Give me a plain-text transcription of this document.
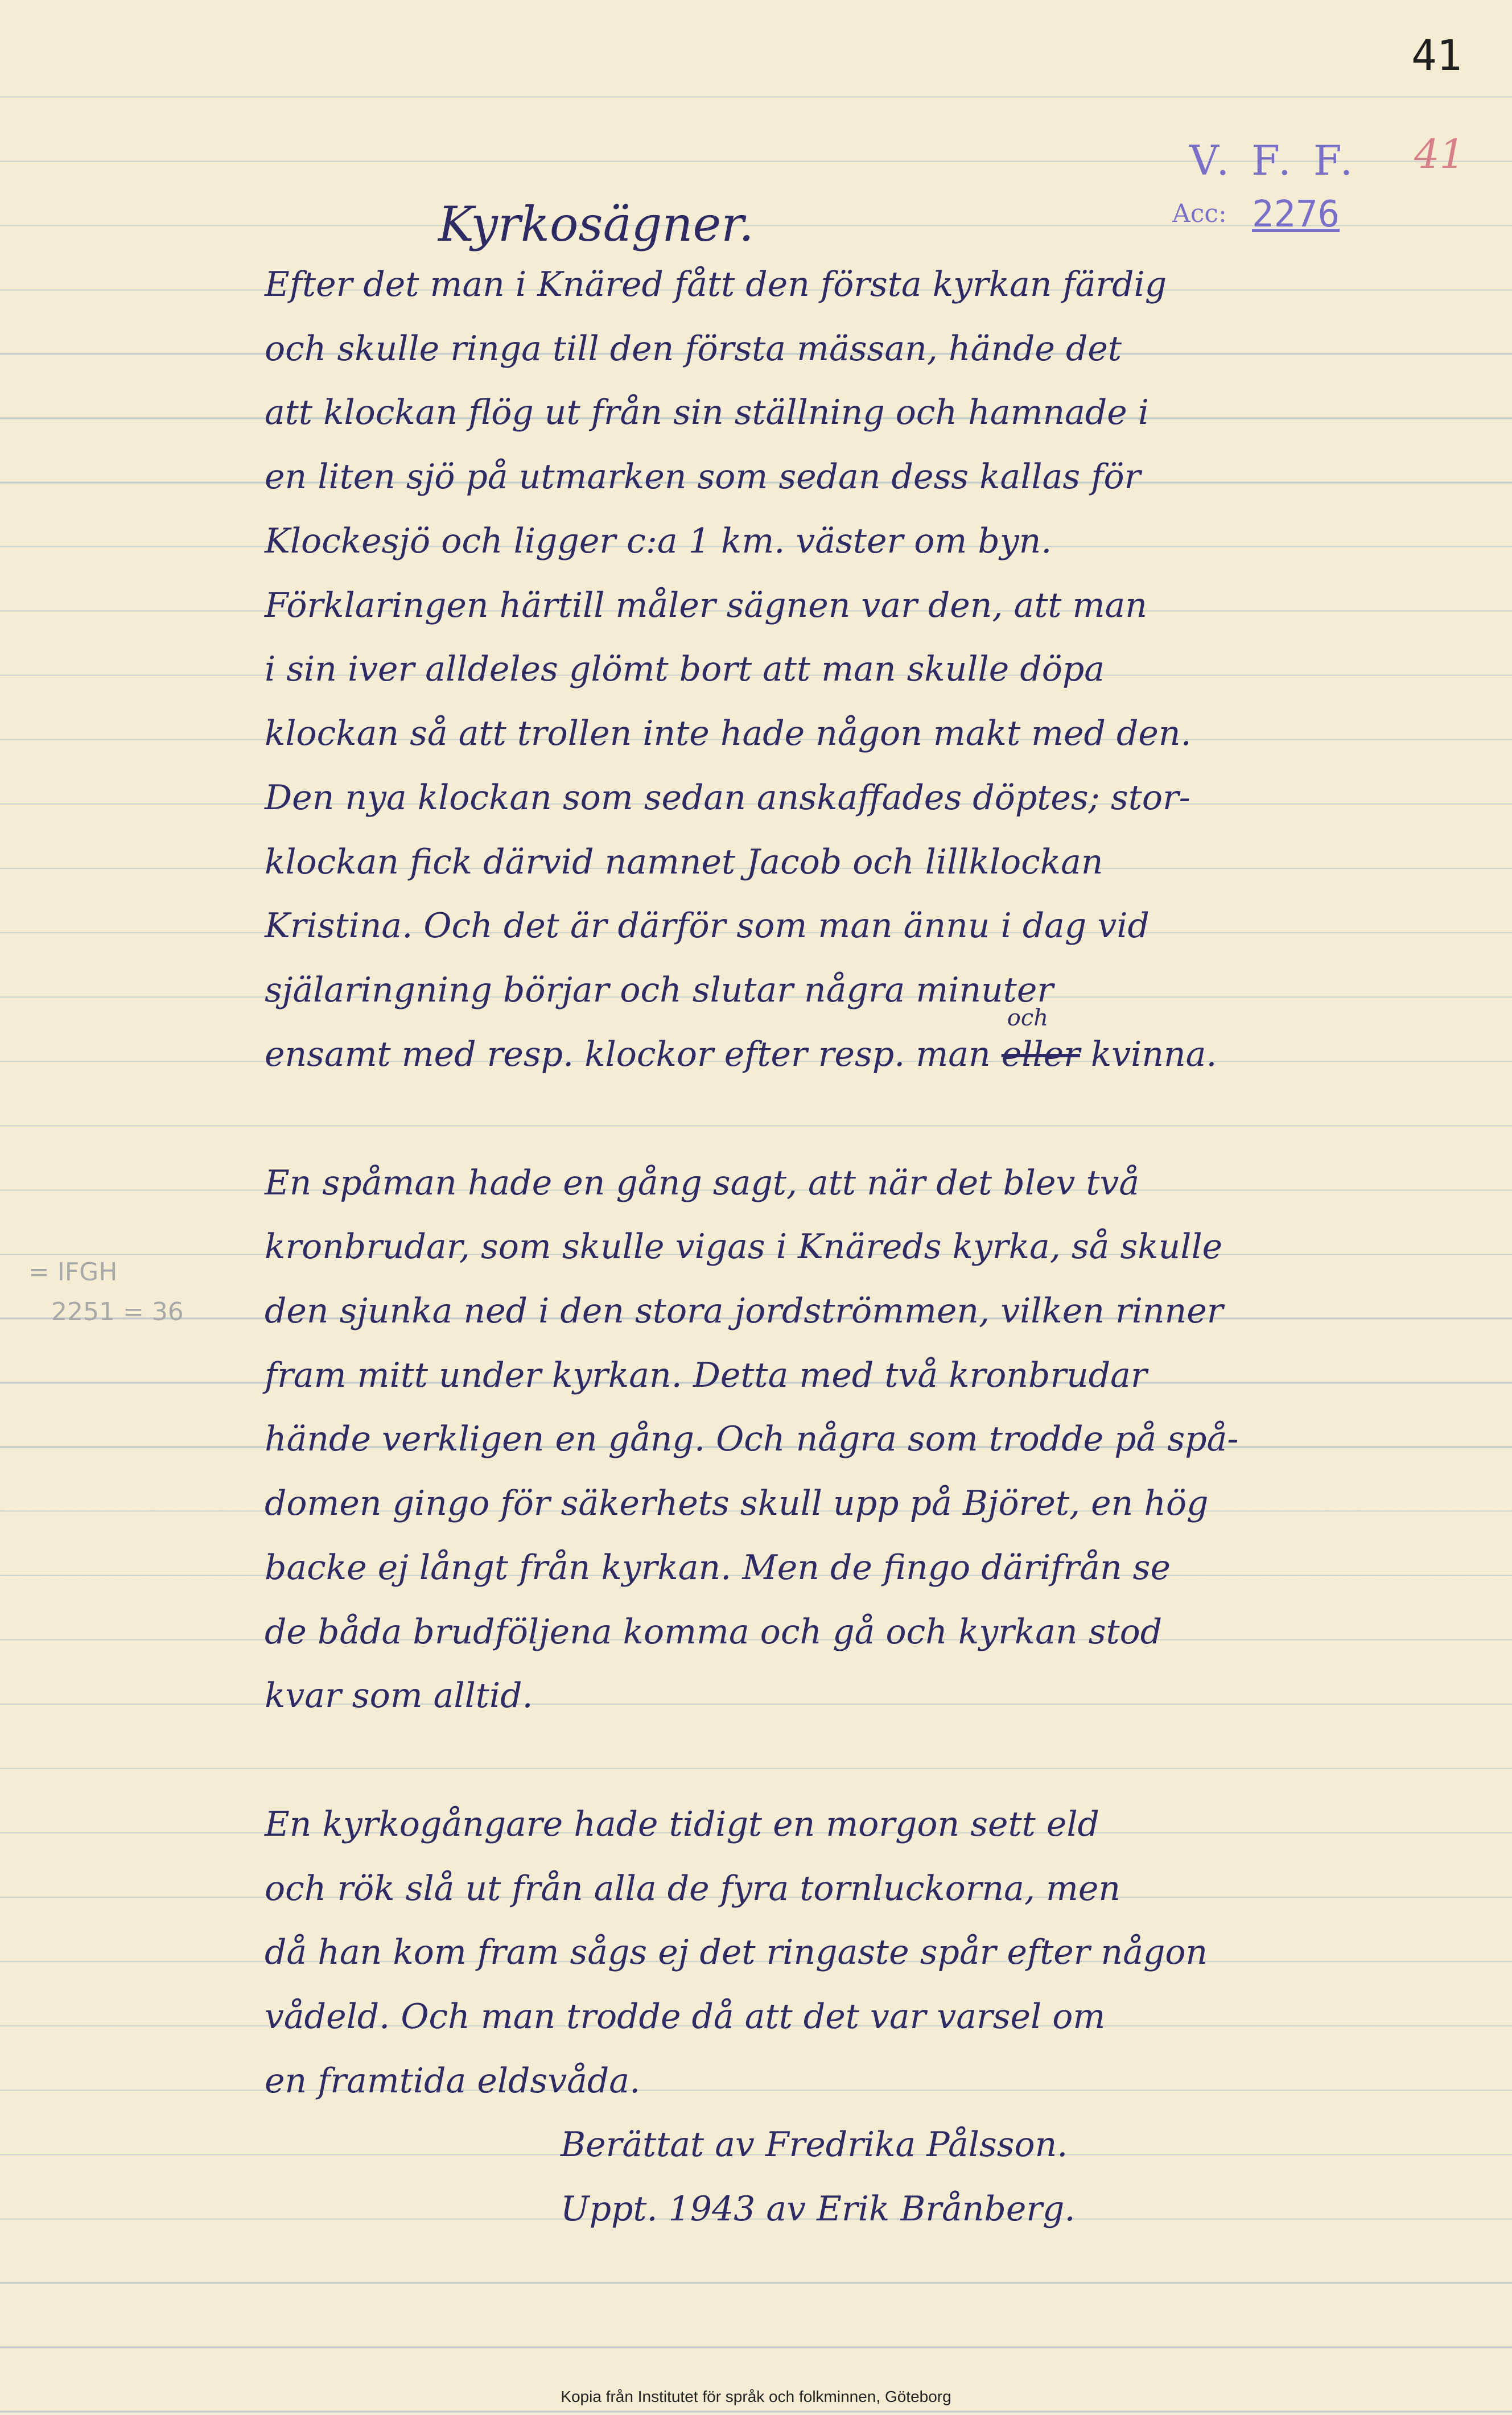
41
V. F. F.
Acc: 2276
41
= IFGH
2251 = 36
Kyrkosägner.
Efter det man i Knäred fått den första kyrkan färdig
och skulle ringa till den första mässan, hände det
att klockan flög ut från sin ställning och hamnade i
en liten sjö på utmarken som sedan dess kallas för
Klockesjö och ligger c:a 1 km. väster om byn.
Förklaringen härtill måler sägnen var den, att man
i sin iver alldeles glömt bort att man skulle döpa
klockan så att trollen inte hade någon makt med den.
Den nya klockan som sedan anskaffades döptes; stor-
klockan fick därvid namnet Jacob och lillklockan
Kristina. Och det är därför som man ännu i dag vid
själaringning börjar och slutar några minuter
ensamt med resp. klockor efter resp. man eller
och
kvinna.
En spåman hade en gång sagt, att när det blev två
kronbrudar, som skulle vigas i Knäreds kyrka, så skulle
den sjunka ned i den stora jordströmmen, vilken rinner
fram mitt under kyrkan. Detta med två kronbrudar
hände verkligen en gång. Och några som trodde på spå-
domen gingo för säkerhets skull upp på Björet, en hög
backe ej långt från kyrkan. Men de fingo därifrån se
de båda brudföljena komma och gå och kyrkan stod
kvar som alltid.
En kyrkogångare hade tidigt en morgon sett eld
och rök slå ut från alla de fyra tornluckorna, men
då han kom fram sågs ej det ringaste spår efter någon
vådeld. Och man trodde då att det var varsel om
en framtida eldsvåda.
Berättat av Fredrika Pålsson.
Uppt. 1943 av Erik Brånberg.
Kopia från Institutet för språk och folkminnen, Göteborg
